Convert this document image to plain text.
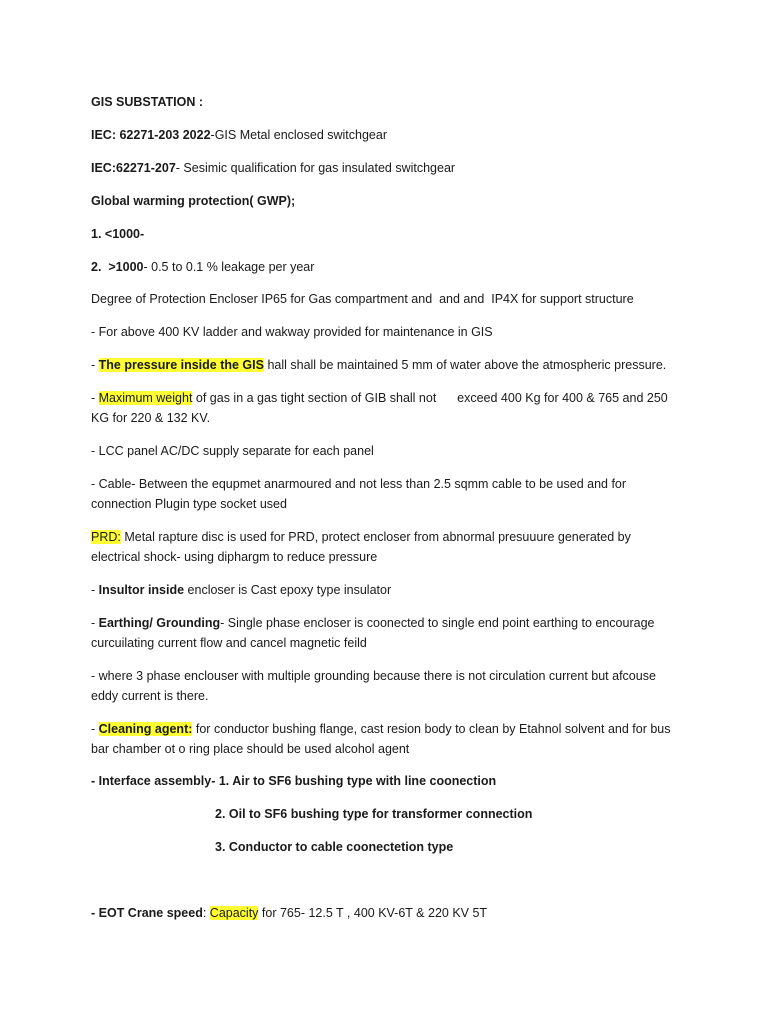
GIS SUBSTATION :
IEC: 62271-203 2022-GIS Metal enclosed switchgear
IEC:62271-207- Sesimic qualification for gas insulated switchgear
Global warming protection( GWP);
1. <1000-
2.  >1000- 0.5 to 0.1 % leakage per year
Degree of Protection Encloser IP65 for Gas compartment and  and and  IP4X for support structure
- For above 400 KV ladder and wakway provided for maintenance in GIS
- The pressure inside the GIS hall shall be maintained 5 mm of water above the atmospheric pressure.
- Maximum weight of gas in a gas tight section of GIB shall not      exceed 400 Kg for 400 & 765 and 250
KG for 220 & 132 KV.
- LCC panel AC/DC supply separate for each panel
- Cable- Between the equpmet anarmoured and not less than 2.5 sqmm cable to be used and for
connection Plugin type socket used
PRD: Metal rapture disc is used for PRD, protect encloser from abnormal presuuure generated by
electrical shock- using diphargm to reduce pressure
- Insultor inside encloser is Cast epoxy type insulator
- Earthing/ Grounding- Single phase encloser is coonected to single end point earthing to encourage
curcuilating current flow and cancel magnetic feild
- where 3 phase enclouser with multiple grounding because there is not circulation current but afcouse
eddy current is there.
- Cleaning agent: for conductor bushing flange, cast resion body to clean by Etahnol solvent and for bus
bar chamber ot o ring place should be used alcohol agent
- Interface assembly- 1. Air to SF6 bushing type with line coonection
2. Oil to SF6 bushing type for transformer connection
3. Conductor to cable coonectetion type
- EOT Crane speed: Capacity for 765- 12.5 T , 400 KV-6T & 220 KV 5T
